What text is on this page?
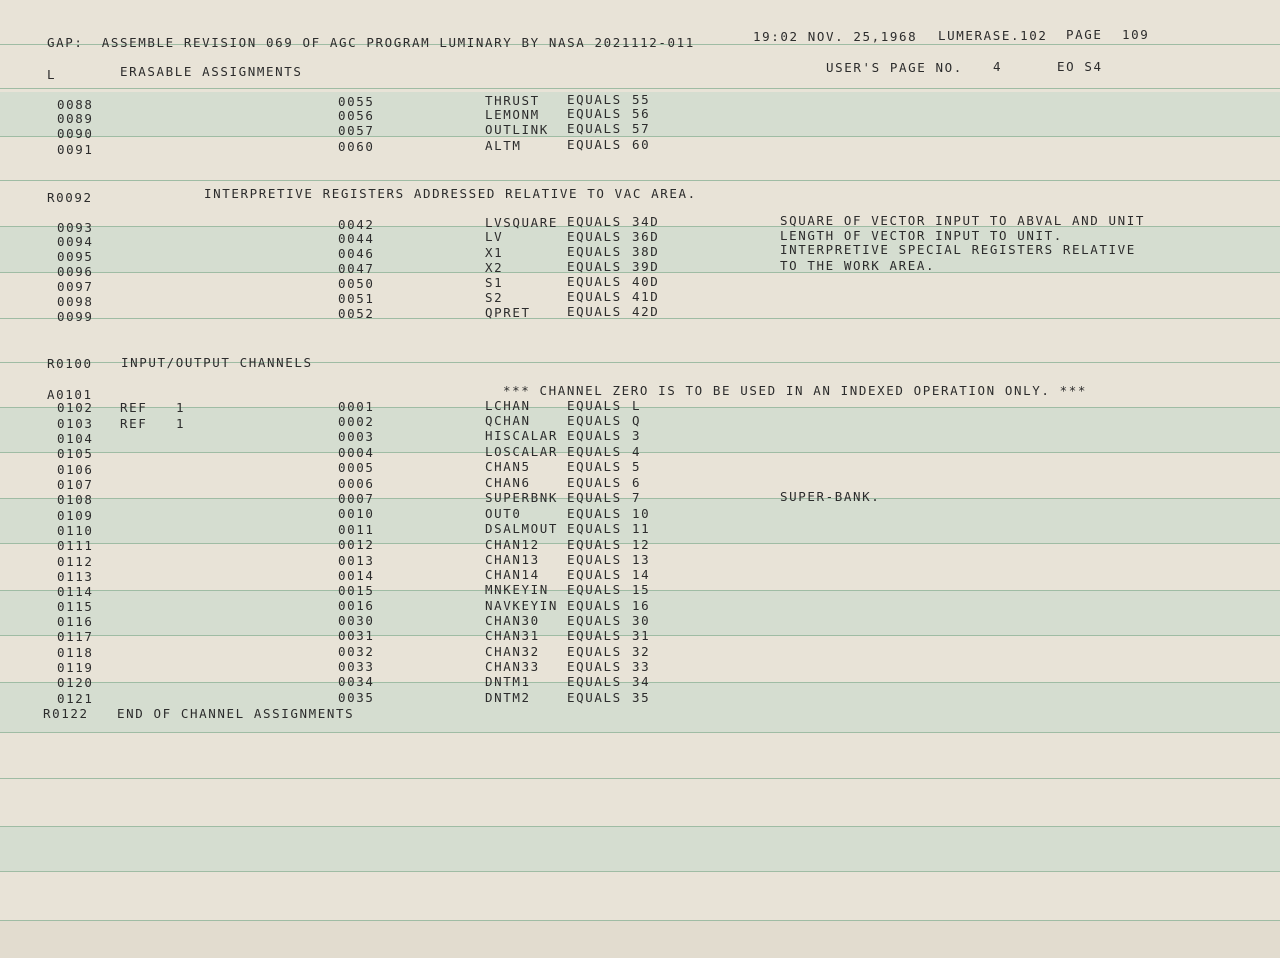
GAP:  ASSEMBLE REVISION 069 OF AGC PROGRAM LUMINARY BY NASA 2021112-011	19:02 NOV. 25,1968 LUMERASE.102 PAGE 109
L	ERASABLE ASSIGNMENTS	USER'S PAGE NO. 4	EO S4
0088	0055	THRUST EQUALS 55
0089	0056	LEMONM EQUALS 56
0090	0057	OUTLINK EQUALS 57
0091	0060	ALTM	EQUALS 60
R0092	INTERPRETIVE REGISTERS ADDRESSED RELATIVE TO VAC AREA.
0093	0042	LVSQUARE EQUALS 34D	SQUARE OF VECTOR INPUT TO ABVAL AND UNIT
0094	0044	LV	EQUALS 36D	LENGTH OF VECTOR INPUT TO UNIT.
0095	0046	X1	EQUALS 38D	INTERPRETIVE SPECIAL REGISTERS RELATIVE
0096	0047	X2	EQUALS 39D	TO THE WORK AREA.
0097	0050	S1	EQUALS 40D
0098	0051	S2	EQUALS 41D
0099	0052	QPRET	EQUALS 42D
R0100 INPUT/OUTPUT CHANNELS
A0101	*** CHANNEL ZERO IS TO BE USED IN AN INDEXED OPERATION ONLY. ***
0102 REF 1	0001	LCHAN	EQUALS L
0103 REF 1	0002	QCHAN	EQUALS Q
0104	0003	HISCALAR EQUALS 3
0105	0004	LOSCALAR EQUALS 4
0106	0005	CHAN5	EQUALS 5
0107	0006	CHAN6	EQUALS 6
0108	0007	SUPERBNK EQUALS 7	SUPER-BANK.
0109	0010	OUT0	EQUALS 10
0110	0011	DSALMOUT EQUALS 11
0111	0012	CHAN12 EQUALS 12
0112	0013	CHAN13 EQUALS 13
0113	0014	CHAN14 EQUALS 14
0114	0015	MNKEYIN EQUALS 15
0115	0016	NAVKEYIN EQUALS 16
0116	0030	CHAN30 EQUALS 30
0117	0031	CHAN31 EQUALS 31
0118	0032	CHAN32 EQUALS 32
0119	0033	CHAN33 EQUALS 33
0120	0034	DNTM1	EQUALS 34
0121	0035	DNTM2	EQUALS 35
R0122 END OF CHANNEL ASSIGNMENTS
